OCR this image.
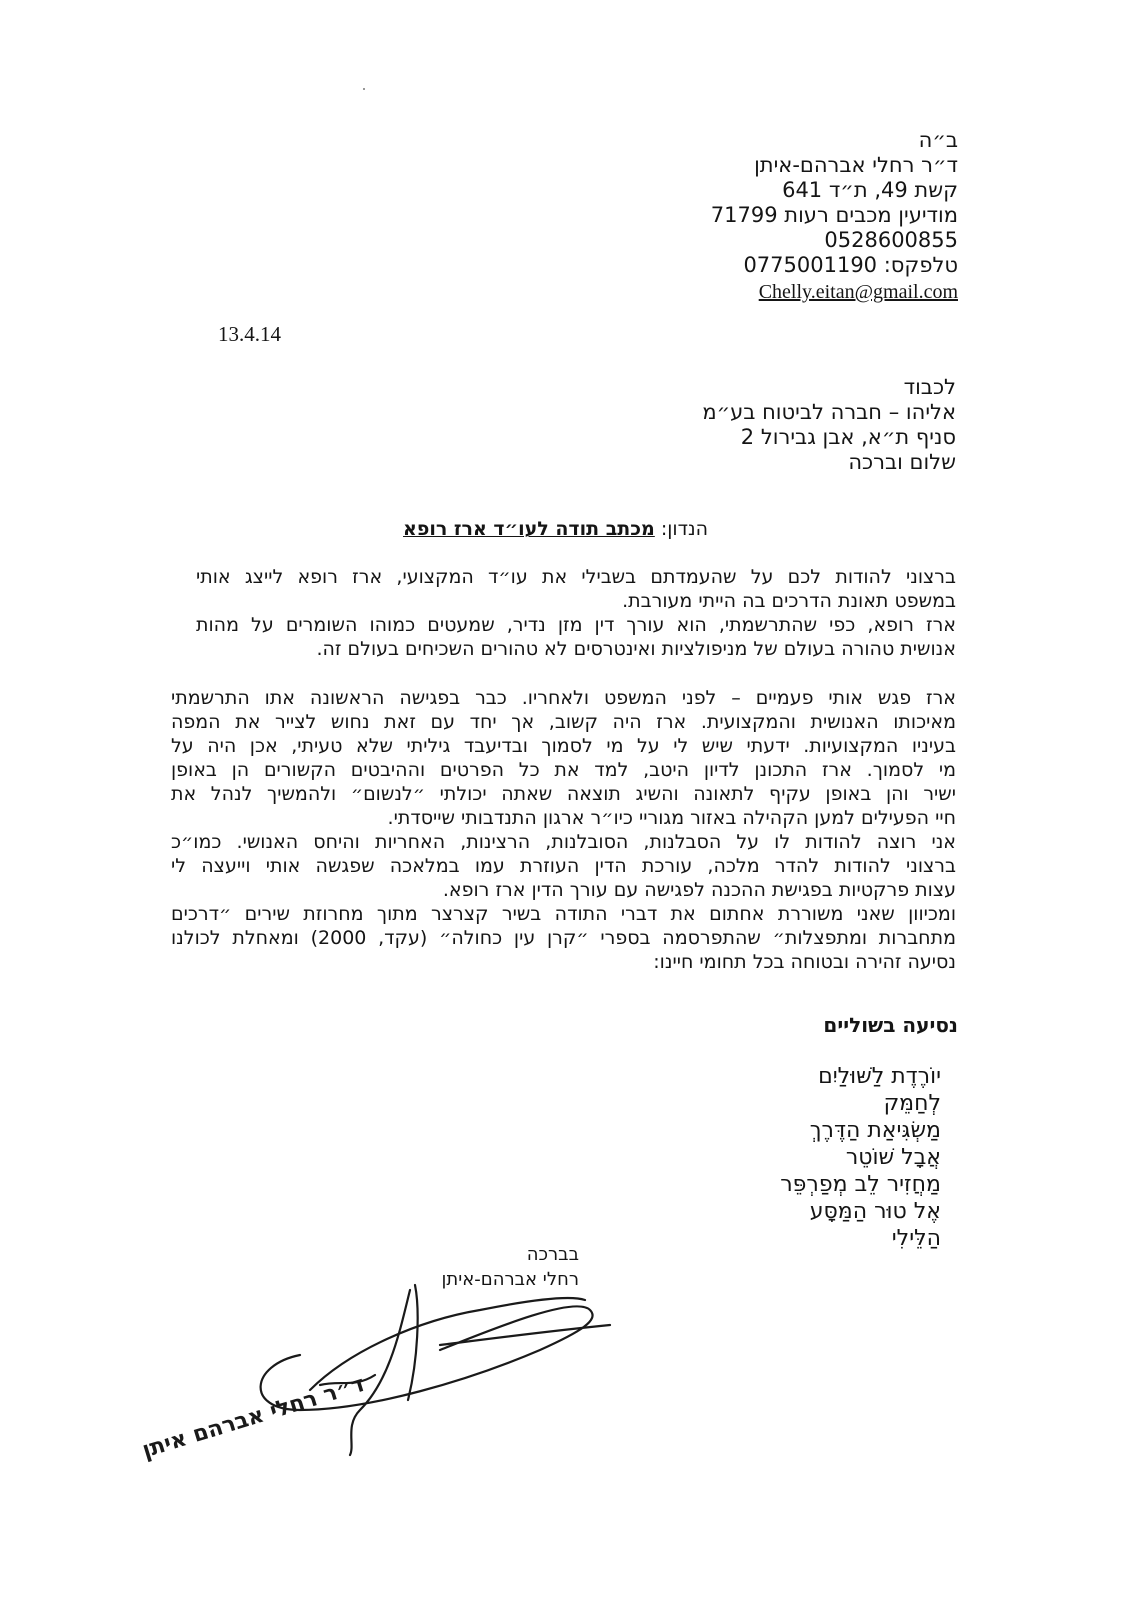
ב״ה
ד״ר רחלי אברהם-איתן
קשת 49, ת״ד 641
מודיעין מכבים רעות 71799
0528600855
טלפקס: 0775001190
Chelly.eitan@gmail.com
13.4.14
לכבוד
אליהו – חברה לביטוח בע״מ
סניף ת״א, אבן גבירול 2
שלום וברכה
הנדון: מכתב תודה לעו״ד ארז רופא
ברצוני להודות לכם על שהעמדתם בשבילי את עו״ד המקצועי, ארז רופא לייצג אותי
במשפט תאונת הדרכים בה הייתי מעורבת.
ארז רופא, כפי שהתרשמתי, הוא עורך דין מזן נדיר, שמעטים כמוהו השומרים על מהות
אנושית טהורה בעולם של מניפולציות ואינטרסים לא טהורים השכיחים בעולם זה.
ארז פגש אותי פעמיים – לפני המשפט ולאחריו. כבר בפגישה הראשונה אתו התרשמתי
מאיכותו האנושית והמקצועית. ארז היה קשוב, אך יחד עם זאת נחוש לצייר את המפה
בעיניו המקצועיות. ידעתי שיש לי על מי לסמוך ובדיעבד גיליתי שלא טעיתי, אכן היה על
מי לסמוך. ארז התכונן לדיון היטב, למד את כל הפרטים וההיבטים הקשורים הן באופן
ישיר והן באופן עקיף לתאונה והשיג תוצאה שאתה יכולתי ״לנשום״ ולהמשיך לנהל את
חיי הפעילים למען הקהילה באזור מגוריי כיו״ר ארגון התנדבותי שייסדתי.
אני רוצה להודות לו על הסבלנות, הסובלנות, הרצינות, האחריות והיחס האנושי. כמו״כ
ברצוני להודות להדר מלכה, עורכת הדין העוזרת עמו במלאכה שפגשה אותי וייעצה לי
עצות פרקטיות בפגישת ההכנה לפגישה עם עורך הדין ארז רופא.
ומכיוון שאני משוררת אחתום את דברי התודה בשיר קצרצר מתוך מחרוזת שירים ״דרכים
מתחברות ומתפצלות״ שהתפרסמה בספרי ״קרן עין כחולה״ (עקד, 2000) ומאחלת לכולנו
נסיעה זהירה ובטוחה בכל תחומי חיינו:
נסיעה בשוליים
יוֹרֶדֶת לַשּׁוּלַיִם
לְחַמֵּק
מַשְׂגִּיאַת הַדֶּרֶךְ
אֲבָל שׁוֹטֵר
מַחֲזִיר לֵב מְפַרְפֵּר
אֶל טוּר הַמַּסָּע
הַלֵּילִי
בברכה
רחלי אברהם-איתן
ד״ר רחלי אברהם איתן
